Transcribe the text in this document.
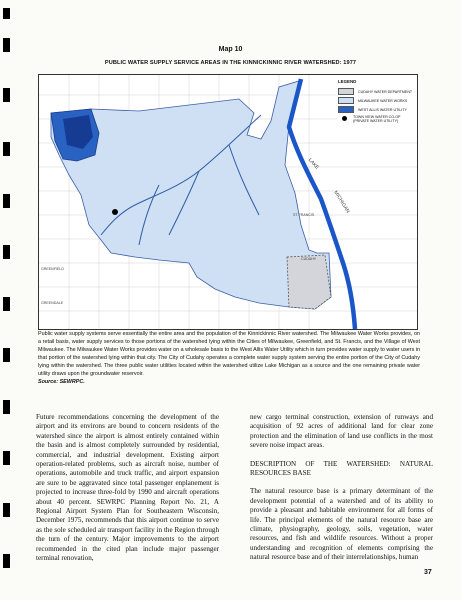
Map 10
PUBLIC WATER SUPPLY SERVICE AREAS IN THE KINNICKINNIC RIVER WATERSHED: 1977
LEGEND
CUDAHY WATER DEPARTMENT
MILWAUKEE WATER WORKS
WEST ALLIS WATER UTILITY
TOWN VIEW WATER CO-OP (PRIVATE WATER UTILITY)
LAKE
MICHIGAN
ST FRANCIS
CUDAHY
GREENFIELD
GREENDALE
Public water supply systems serve essentially the entire area and the population of the Kinnickinnic River watershed. The Milwaukee Water Works provides, on a retail basis, water supply services to those portions of the watershed lying within the Cities of Milwaukee, Greenfield, and St. Francis, and the Village of West Milwaukee. The Milwaukee Water Works provides water on a wholesale basis to the West Allis Water Utility which in turn provides water supply to water users in that portion of the watershed lying within that city. The City of Cudahy operates a complete water supply system serving the entire portion of the City of Cudahy lying within the watershed. The three public water utilities located within the watershed utilize Lake Michigan as a source and the one remaining private water utility draws upon the groundwater reservoir.
Source: SEWRPC.

Future recommendations concerning the development of the airport and its environs are bound to concern residents of the watershed since the airport is almost entirely contained within the basin and is almost completely surrounded by residential, commercial, and industrial development. Existing airport operation-related problems, such as aircraft noise, number of operations, automobile and truck traffic, and airport expansion are sure to be aggravated since total passenger enplanement is projected to increase three-fold by 1990 and aircraft operations about 40 percent. SEWRPC Planning Report No. 21, A Regional Airport System Plan for Southeastern Wisconsin, December 1975, recommends that this airport continue to serve as the sole scheduled air transport facility in the Region through the turn of the century. Major improvements to the airport recommended in the cited plan include major passenger terminal renovation,

new cargo terminal construction, extension of runways and acquisition of 92 acres of additional land for clear zone protection and the elimination of land use conflicts in the most severe noise impact areas.

DESCRIPTION OF THE WATERSHED: NATURAL RESOURCES BASE

The natural resource base is a primary determinant of the development potential of a watershed and of its ability to provide a pleasant and habitable environment for all forms of life. The principal elements of the natural resource base are climate, physiography, geology, soils, vegetation, water resources, and fish and wildlife resources. Without a proper understanding and recognition of elements comprising the natural resource base and of their interrelationships, human

37
